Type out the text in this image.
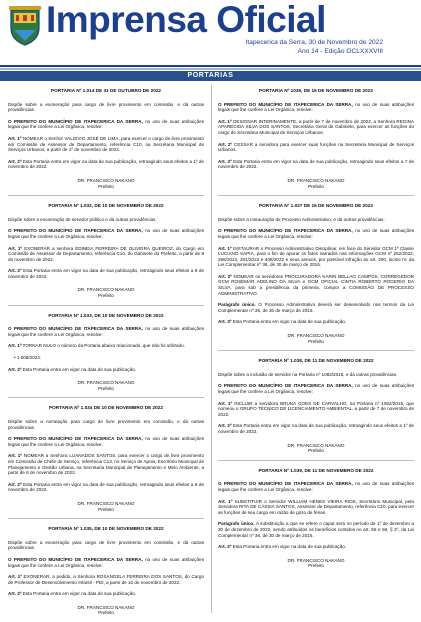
Imprensa Oficial
Itapecerica da Serra, 30 de Novembro de 2022
Ano 14 - Edição OCLXXXVIII
PORTARIAS
PORTARIA Nº 1.014 DE 31 DE OUTUBRO DE 2022
Dispõe sobre a exoneração para cargo de livre provimento em comissão, e dá outras providências.
O PREFEITO DO MUNICÍPIO DE ITAPECERICA DA SERRA, no uso de suas atribuições legais que lhe confere a Lei Orgânica, resolve:
Art. 1º NOMEAR o Senhor VALDIVIO JOSÉ DE LIMA, para exercer o cargo de livre provimento em Comissão de Assessor de Departamento, referência C10, na Secretaria Municipal de Serviços Urbanos, a partir de 1º de novembro de 2022.
Art. 2º Esta Portaria entra em vigor na data de sua publicação, retroagindo seus efeitos a 1º de novembro de 2022.
DR. FRANCISCO NAKANO
Prefeito
PORTARIA Nº 1.032, DE 10 DE NOVEMBRO DE 2022
Dispõe sobre a exoneração de servidor público e dá outras providências.
O PREFEITO DO MUNICÍPIO DE ITAPECERICA DA SERRA, no uso de suas atribuições legais que lhe confere a Lei Orgânica, resolve:
Art. 1º EXONERAR a senhora EDINEIA FERREIRA DE OLIVEIRA QUEIROZ, do Cargo em Comissão de Assessor de Departamento, referência C10, do Gabinete do Prefeito, a partir de 8 de novembro de 2022.
Art. 2º Esta Portaria entra em vigor na data de sua publicação, retroagindo seus efeitos a 8 de novembro de 2022.
DR. FRANCISCO NAKANO
Prefeito
PORTARIA Nº 1.033, DE 10 DE NOVEMBRO DE 2022
O PREFEITO DO MUNICÍPIO DE ITAPECERICA DA SERRA, no uso de suas atribuições legais que lhe confere a Lei Orgânica, resolve:
Art. 1º TORNAR NULO o número da Portaria abaixo relacionado, que não foi utilizado.
• 1.008/2022.
Art. 2º Esta Portaria entra em vigor na data de sua publicação.
DR. FRANCISCO NAKANO
Prefeito
PORTARIA Nº 1.034 DE 10 DE NOVEMBRO DE 2022
Dispõe sobre a nomeação para cargo de livre provimento em comissão, e dá outras providências.
O PREFEITO DO MUNICÍPIO DE ITAPECERICA DA SERRA, no uso de suas atribuições legais que lhe confere a Lei Orgânica, resolve:
Art. 1º NOMEAR a Senhora LUANADOS SANTOS, para exercer o cargo de livre provimento em Comissão de Chefe de Serviço, referência C13, no Serviço de Apoio, Escritório Municipal de Planejamento e Gestão Urbana, na Secretaria Municipal de Planejamento e Meio Ambiente, a partir de 8 de novembro de 2022.
Art. 2º Esta Portaria entra em vigor na data de sua publicação, retroagindo seus efeitos a 8 de novembro de 2022.
DR. FRANCISCO NAKANO
Prefeito
PORTARIA Nº 1.035, DE 10 DE NOVEMBRO DE 2022
Dispõe sobre a exoneração para cargo de livre provimento em comissão, e dá outras providências.
O PREFEITO DO MUNICÍPIO DE ITAPECERICA DA SERRA, no uso de suas atribuições legais que lhe confere a Lei Orgânica, resolve:
Art. 1º EXONERAR, a pedido, a Senhora ROSANGELA FERREIRA DOS SANTOS, do Cargo de Professor de Desenvolvimento Infantil - PDI, a partir de 10 de novembro de 2022.
Art. 2º Esta Portaria entra em vigor na data de sua publicação.
DR. FRANCISCO NAKANO
Prefeito
PORTARIA Nº 1036, DE 16 DE NOVEMBRO DE 2022
O PREFEITO DO MUNICÍPIO DE ITAPECERICA DA SERRA, no uso de suas atribuições legais que lhe confere a Lei Orgânica, resolve:
Art. 1º DESIGNAR INTERINAMENTE, a partir de 7 de novembro de 2022, a Senhora REGINA APARECIDA SILVA DOS SANTOS, Secretária Geral de Gabinete, para exercer as funções do cargo de Secretária Municipal de Serviços Urbanos.
Art. 2º CESSAR a servidora para exercer suas funções na Secretaria Municipal de Serviços Urbanos.
Art. 3º Esta Portaria entra em vigor na data de sua publicação, retroagindo seus efeitos a 7 de novembro de 2022.
DR. FRANCISCO NAKANO
Prefeito
PORTARIA Nº 1.037 DE 16 DE NOVEMBRO DE 2022
Dispõe sobre a Instauração de Processo Administrativo, e dá outras providências.
O PREFEITO DO MUNICÍPIO DE ITAPECERICA DA SERRA, no uso de suas atribuições legais que lhe confere a Lei Orgânica, resolve:
Art. 1º INSTAURAR o Processo Administrativo Disciplinar, em face do Servidor GCM 1ª Classe LUCIANO SAPIA, para o fim de apurar os fatos narrados nas informações GCM nº 252/2022, 286/2022, 301/2022 e 408/2022 e seus anexos, por possível infração ao art. 200, inciso IV, da Lei Complementar nº 36, de 30 de março de 2016.
Art. 2º NOMEAR os servidores PROCURADORA KARIN BELLAO CAMPOS, CORREGEDOR GCM ROSEMAR ADELINO DA SILVA e GCM OFICIAL CINTIA ROBERTO ROGERIO DA SILVA, para sob a presidência da primeira, compor a COMISSÃO DE PROCESSO ADMINISTRATIVO.
Parágrafo único. O Processo Administrativo deverá ser desenvolvido nos termos da Lei Complementar nº 36, de 30 de março de 2016.
Art. 3º Esta Portaria entra em vigor na data de sua publicação.
DR. FRANCISCO NAKANO
Prefeito
PORTARIA Nº 1.038, DE 11 DE NOVEMBRO DE 2022
Dispõe sobre a inclusão de servidor na Portaria nº 1082/2015, e dá outras providências.
O PREFEITO DO MUNICÍPIO DE ITAPECERICA DA SERRA, no uso de suas atribuições legais que lhe confere a Lei Orgânica, resolve:
Art. 1º INCLUIR a servidora BRUNA GOES DE CARVALHO, na Portaria nº 1082/2015, que nomeou o GRUPO TÉCNICO DE LICENCIAMENTO AMBIENTAL, a partir de 7 de novembro de 2022.
Art. 2º Esta Portaria entra em vigor na data de sua publicação, retroagindo seus efeitos a 1º de novembro de 2022.
DR. FRANCISCO NAKANO
Prefeito
PORTARIA Nº 1.039, DE 11 DE NOVEMBRO DE 2022
O PREFEITO DO MUNICÍPIO DE ITAPECERICA DA SERRA, no uso de suas atribuições legais que lhe confere a Lei Orgânica, resolve:
Art. 1º SUBSTITUIR o Servidor WILLIAM HENES VIEIRA RIOS, Secretário Municipal, pela Servidora RITA DE CÁSSIA SANTOS, Assessor de Departamento, referência C10, para exercer as funções de seu cargo em razão de gozo de férias.
Parágrafo único. A substituição a que se refere o caput será no período de 1º de dezembro a 30 de dezembro de 2022, sendo atribuídos os benefícios contidos no art. 55 e 56, § 2º, da Lei Complementar nº 36, de 30 de março de 2016.
Art. 2º Esta Portaria entra em vigor na data de sua publicação.
DR. FRANCISCO NAKANO
Prefeito
